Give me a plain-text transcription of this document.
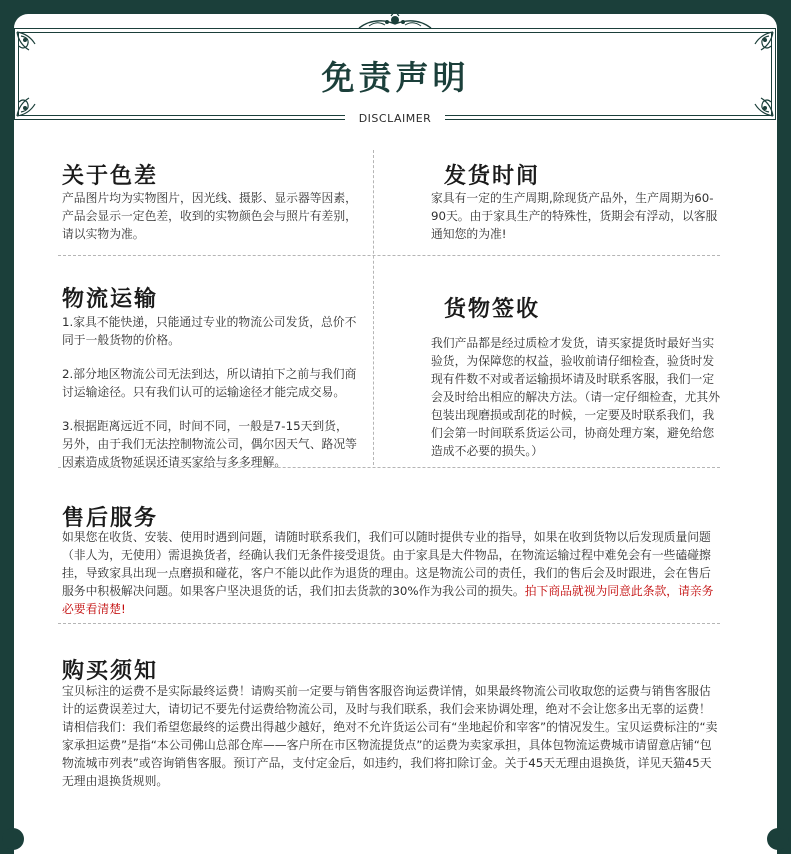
免责声明
DISCLAIMER
关于色差
产品图片均为实物图片，因光线、摄影、显示器等因素，产品会显示一定色差，收到的实物颜色会与照片有差别，请以实物为准。
发货时间
家具有一定的生产周期,除现货产品外，生产周期为60-90天。由于家具生产的特殊性，货期会有浮动，以客服通知您的为准!
物流运输

1.家具不能快递，只能通过专业的物流公司发货，总价不同于一般货物的价格。

2.部分地区物流公司无法到达，所以请拍下之前与我们商讨运输途径。只有我们认可的运输途径才能完成交易。

3.根据距离远近不同，时间不同，一般是7-15天到货，另外，由于我们无法控制物流公司，偶尔因天气、路况等因素造成货物延误还请买家给与多多理解。

货物签收
我们产品都是经过质检才发货，请买家提货时最好当实验货，为保障您的权益，验收前请仔细检查，验货时发现有件数不对或者运输损坏请及时联系客服，我们一定会及时给出相应的解决方法。（请一定仔细检查，尤其外包装出现磨损或刮花的时候，一定要及时联系我们，我们会第一时间联系货运公司，协商处理方案，避免给您造成不必要的损失。）
售后服务
如果您在收货、安装、使用时遇到问题，请随时联系我们，我们可以随时提供专业的指导，如果在收到货物以后发现质量问题（非人为，无使用）需退换货者，经确认我们无条件接受退货。由于家具是大件物品，在物流运输过程中难免会有一些磕碰擦挂，导致家具出现一点磨损和碰花，客户不能以此作为退货的理由。这是物流公司的责任，我们的售后会及时跟进，会在售后服务中积极解决问题。如果客户坚决退货的话，我们扣去货款的30%作为我公司的损失。拍下商品就视为同意此条款，请亲务必要看清楚!
购买须知
宝贝标注的运费不是实际最终运费！请购买前一定要与销售客服咨询运费详情，如果最终物流公司收取您的运费与销售客服估计的运费误差过大，请切记不要先付运费给物流公司，及时与我们联系，我们会来协调处理，绝对不会让您多出无辜的运费！请相信我们：我们希望您最终的运费出得越少越好，绝对不允许货运公司有“坐地起价和宰客”的情况发生。宝贝运费标注的“卖家承担运费”是指“本公司佛山总部仓库——客户所在市区物流提货点”的运费为卖家承担，具体包物流运费城市请留意店铺“包物流城市列表”或咨询销售客服。预订产品，支付定金后，如违约，我们将扣除订金。关于45天无理由退换货，详见天猫45天无理由退换货规则。
